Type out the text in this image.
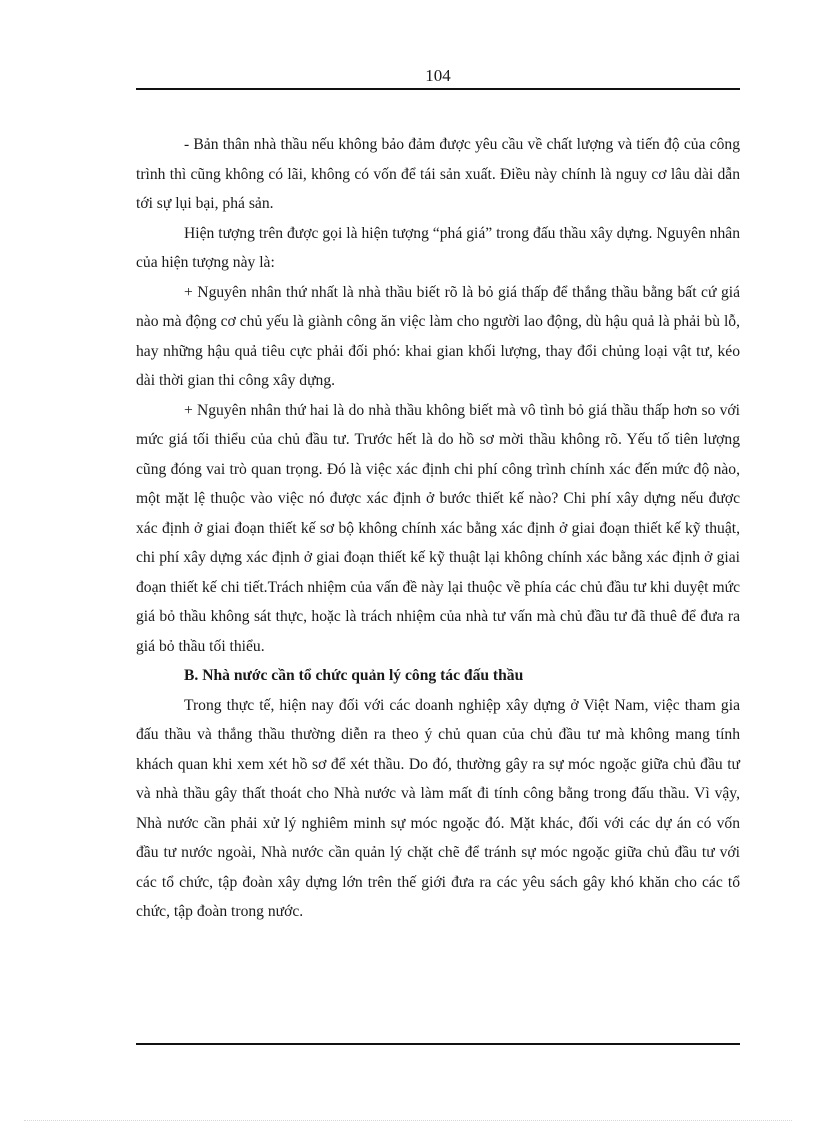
104

- Bản thân nhà thầu nếu không bảo đảm được yêu cầu về chất lượng và tiến độ của công trình thì cũng không có lãi, không có vốn để tái sản xuất. Điều này chính là nguy cơ lâu dài dẫn tới sự lụi bại, phá sản.

Hiện tượng trên được gọi là hiện tượng “phá giá” trong đấu thầu xây dựng. Nguyên nhân của hiện tượng này là:

+ Nguyên nhân thứ nhất là nhà thầu biết rõ là bỏ giá thấp để thắng thầu bằng bất cứ giá nào mà động cơ chủ yếu là giành công ăn việc làm cho người lao động, dù hậu quả là phải bù lỗ, hay những hậu quả tiêu cực phải đối phó: khai gian khối lượng, thay đổi chủng loại vật tư, kéo dài thời gian thi công xây dựng.

+ Nguyên nhân thứ hai là do nhà thầu không biết mà vô tình bỏ giá thầu thấp hơn so với mức giá tối thiểu của chủ đầu tư. Trước hết là do hồ sơ mời thầu không rõ. Yếu tố tiên lượng cũng đóng vai trò quan trọng. Đó là việc xác định chi phí công trình chính xác đến mức độ nào, một mặt lệ thuộc vào việc nó được xác định ở bước thiết kế nào? Chi phí xây dựng nếu được xác định ở giai đoạn thiết kế sơ bộ không chính xác bằng xác định ở giai đoạn thiết kế kỹ thuật, chi phí xây dựng xác định ở giai đoạn thiết kế kỹ thuật lại không chính xác bằng xác định ở giai đoạn thiết kế chi tiết.Trách nhiệm của vấn đề này lại thuộc về phía các chủ đầu tư khi duyệt mức giá bỏ thầu không sát thực, hoặc là trách nhiệm của nhà tư vấn mà chủ đầu tư đã thuê để đưa ra giá bỏ thầu tối thiểu.

B. Nhà nước cần tổ chức quản lý công tác đấu thầu

Trong thực tế, hiện nay đối với các doanh nghiệp xây dựng ở Việt Nam, việc tham gia đấu thầu và thắng thầu thường diễn ra theo ý chủ quan của chủ đầu tư mà không mang tính khách quan khi xem xét hồ sơ để xét thầu. Do đó, thường gây ra sự móc ngoặc giữa chủ đầu tư và nhà thầu gây thất thoát cho Nhà nước và làm mất đi tính công bằng trong đấu thầu. Vì vậy, Nhà nước cần phải xử lý nghiêm minh sự móc ngoặc đó. Mặt khác, đối với các dự án có vốn đầu tư nước ngoài, Nhà nước cần quản lý chặt chẽ để tránh sự móc ngoặc giữa chủ đầu tư với các tổ chức, tập đoàn xây dựng lớn trên thế giới đưa ra các yêu sách gây khó khăn cho các tổ chức, tập đoàn trong nước.
